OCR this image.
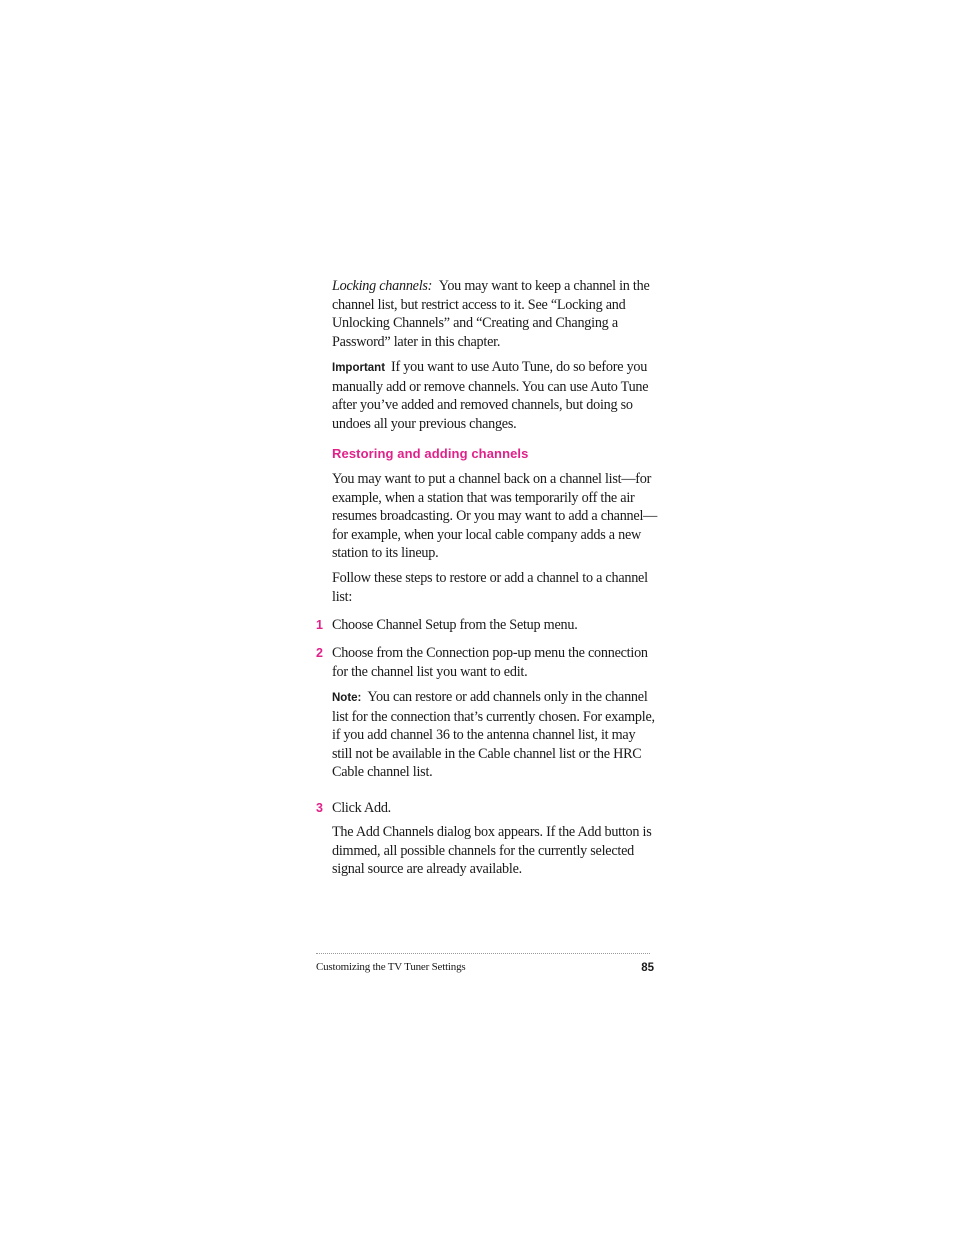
Locking channels: You may want to keep a channel in the channel list, but restrict access to it. See “Locking and Unlocking Channels” and “Creating and Changing a Password” later in this chapter.

Important If you want to use Auto Tune, do so before you manually add or remove channels. You can use Auto Tune after you’ve added and removed channels, but doing so undoes all your previous changes.

Restoring and adding channels

You may want to put a channel back on a channel list—for example, when a station that was temporarily off the air resumes broadcasting. Or you may want to add a channel—for example, when your local cable company adds a new station to its lineup.

Follow these steps to restore or add a channel to a channel list:

1 Choose Channel Setup from the Setup menu.
2 Choose from the Connection pop-up menu the connection for the channel list you want to edit.

Note: You can restore or add channels only in the channel list for the connection that’s currently chosen. For example, if you add channel 36 to the antenna channel list, it may still not be available in the Cable channel list or the HRC Cable channel list.

3 Click Add.

The Add Channels dialog box appears. If the Add button is dimmed, all possible channels for the currently selected signal source are already available.

Customizing the TV Tuner Settings	85
